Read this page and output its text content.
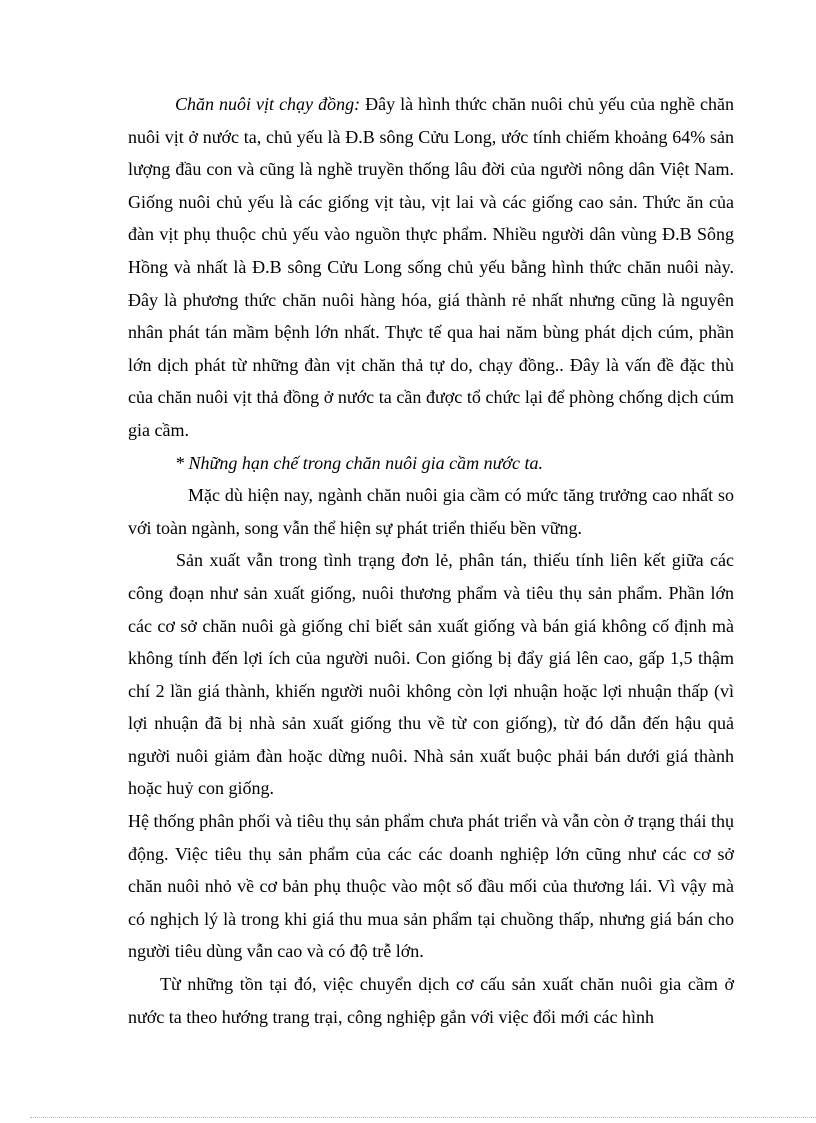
Chăn nuôi vịt chạy đồng: Đây là hình thức chăn nuôi chủ yếu của nghề chăn nuôi vịt ở nước ta, chủ yếu là Đ.B sông Cửu Long, ước tính chiếm khoảng 64% sản lượng đầu con và cũng là nghề truyền thống lâu đời của người nông dân Việt Nam. Giống nuôi chủ yếu là các giống vịt tàu, vịt lai và các giống cao sản. Thức ăn của đàn vịt phụ thuộc chủ yếu vào nguồn thực phẩm. Nhiều người dân vùng Đ.B Sông Hồng và nhất là Đ.B sông Cửu Long sống chủ yếu bằng hình thức chăn nuôi này. Đây là phương thức chăn nuôi hàng hóa, giá thành rẻ nhất nhưng cũng là nguyên nhân phát tán mầm bệnh lớn nhất. Thực tế qua hai năm bùng phát dịch cúm, phần lớn dịch phát từ những đàn vịt chăn thả tự do, chạy đồng.. Đây là vấn đề đặc thù của chăn nuôi vịt thả đồng ở nước ta cần được tổ chức lại để phòng chống dịch cúm gia cầm.

* Những hạn chế trong chăn nuôi gia cầm nước ta.

Mặc dù hiện nay, ngành chăn nuôi gia cầm có mức tăng trưởng cao nhất so với toàn ngành, song vẫn thể hiện sự phát triển thiếu bền vững.

Sản xuất vẫn trong tình trạng đơn lẻ, phân tán, thiếu tính liên kết giữa các công đoạn như sản xuất giống, nuôi thương phẩm và tiêu thụ sản phẩm. Phần lớn các cơ sở chăn nuôi gà giống chỉ biết sản xuất giống và bán giá không cố định mà không tính đến lợi ích của người nuôi. Con giống bị đẩy giá lên cao, gấp 1,5 thậm chí 2 lần giá thành, khiến người nuôi không còn lợi nhuận hoặc lợi nhuận thấp (vì lợi nhuận đã bị nhà sản xuất giống thu về từ con giống), từ đó dẫn đến hậu quả người nuôi giảm đàn hoặc dừng nuôi. Nhà sản xuất buộc phải bán dưới giá thành hoặc huỷ con giống.

Hệ thống phân phối và tiêu thụ sản phẩm chưa phát triển và vẫn còn ở trạng thái thụ động. Việc tiêu thụ sản phẩm của các các doanh nghiệp lớn cũng như các cơ sở chăn nuôi nhỏ về cơ bản phụ thuộc vào một số đầu mối của thương lái. Vì vậy mà có nghịch lý là trong khi giá thu mua sản phẩm tại chuồng thấp, nhưng giá bán cho người tiêu dùng vẫn cao và có độ trễ lớn.

Từ những tồn tại đó, việc chuyển dịch cơ cấu sản xuất chăn nuôi gia cầm ở nước ta theo hướng trang trại, công nghiệp gắn với việc đổi mới các hình
